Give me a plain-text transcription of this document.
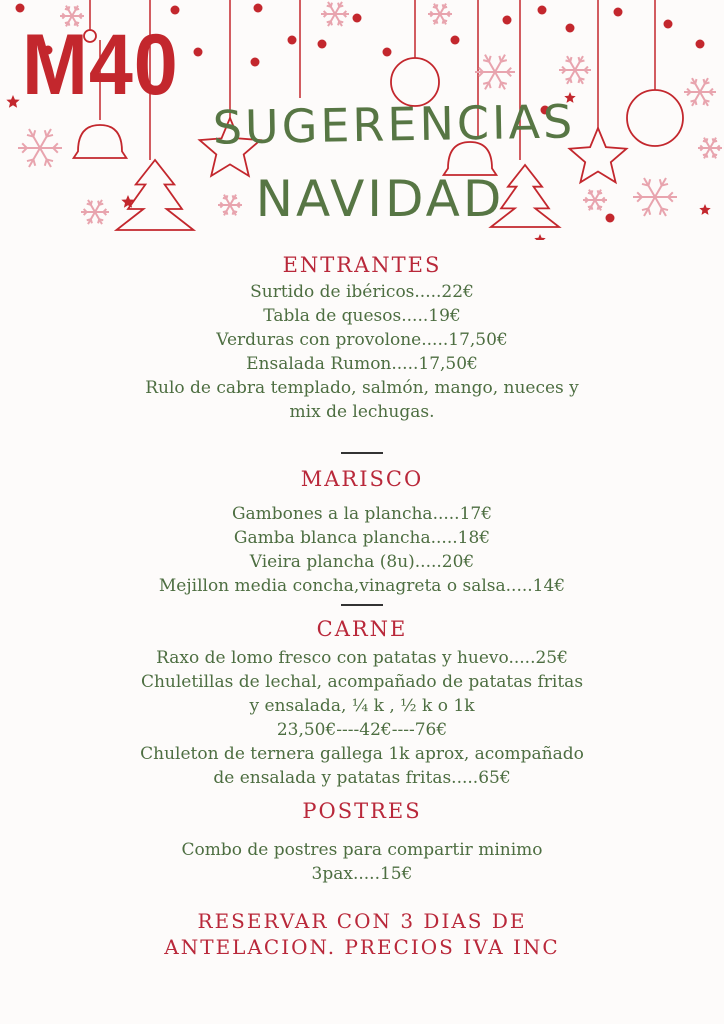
M40
SUGERENCIAS
NAVIDAD

ENTRANTES

Surtido de ibéricos.....22€

Tabla de quesos.....19€

Verduras con provolone.....17,50€

Ensalada Rumon.....17,50€

Rulo de cabra templado, salmón, mango, nueces y

mix de lechugas.

MARISCO

Gambones a la plancha.....17€

Gamba blanca plancha.....18€

Vieira plancha (8u).....20€

Mejillon media concha,vinagreta o salsa.....14€

CARNE

Raxo de lomo fresco con patatas y huevo.....25€

Chuletillas de lechal, acompañado de patatas fritas

y ensalada, ¼ k , ½ k o 1k

23,50€----42€----76€

Chuleton de ternera gallega 1k aprox, acompañado

de ensalada y patatas fritas.....65€

POSTRES

Combo de postres para compartir minimo

3pax.....15€

RESERVAR CON 3 DIAS DE

ANTELACION. PRECIOS IVA INC
